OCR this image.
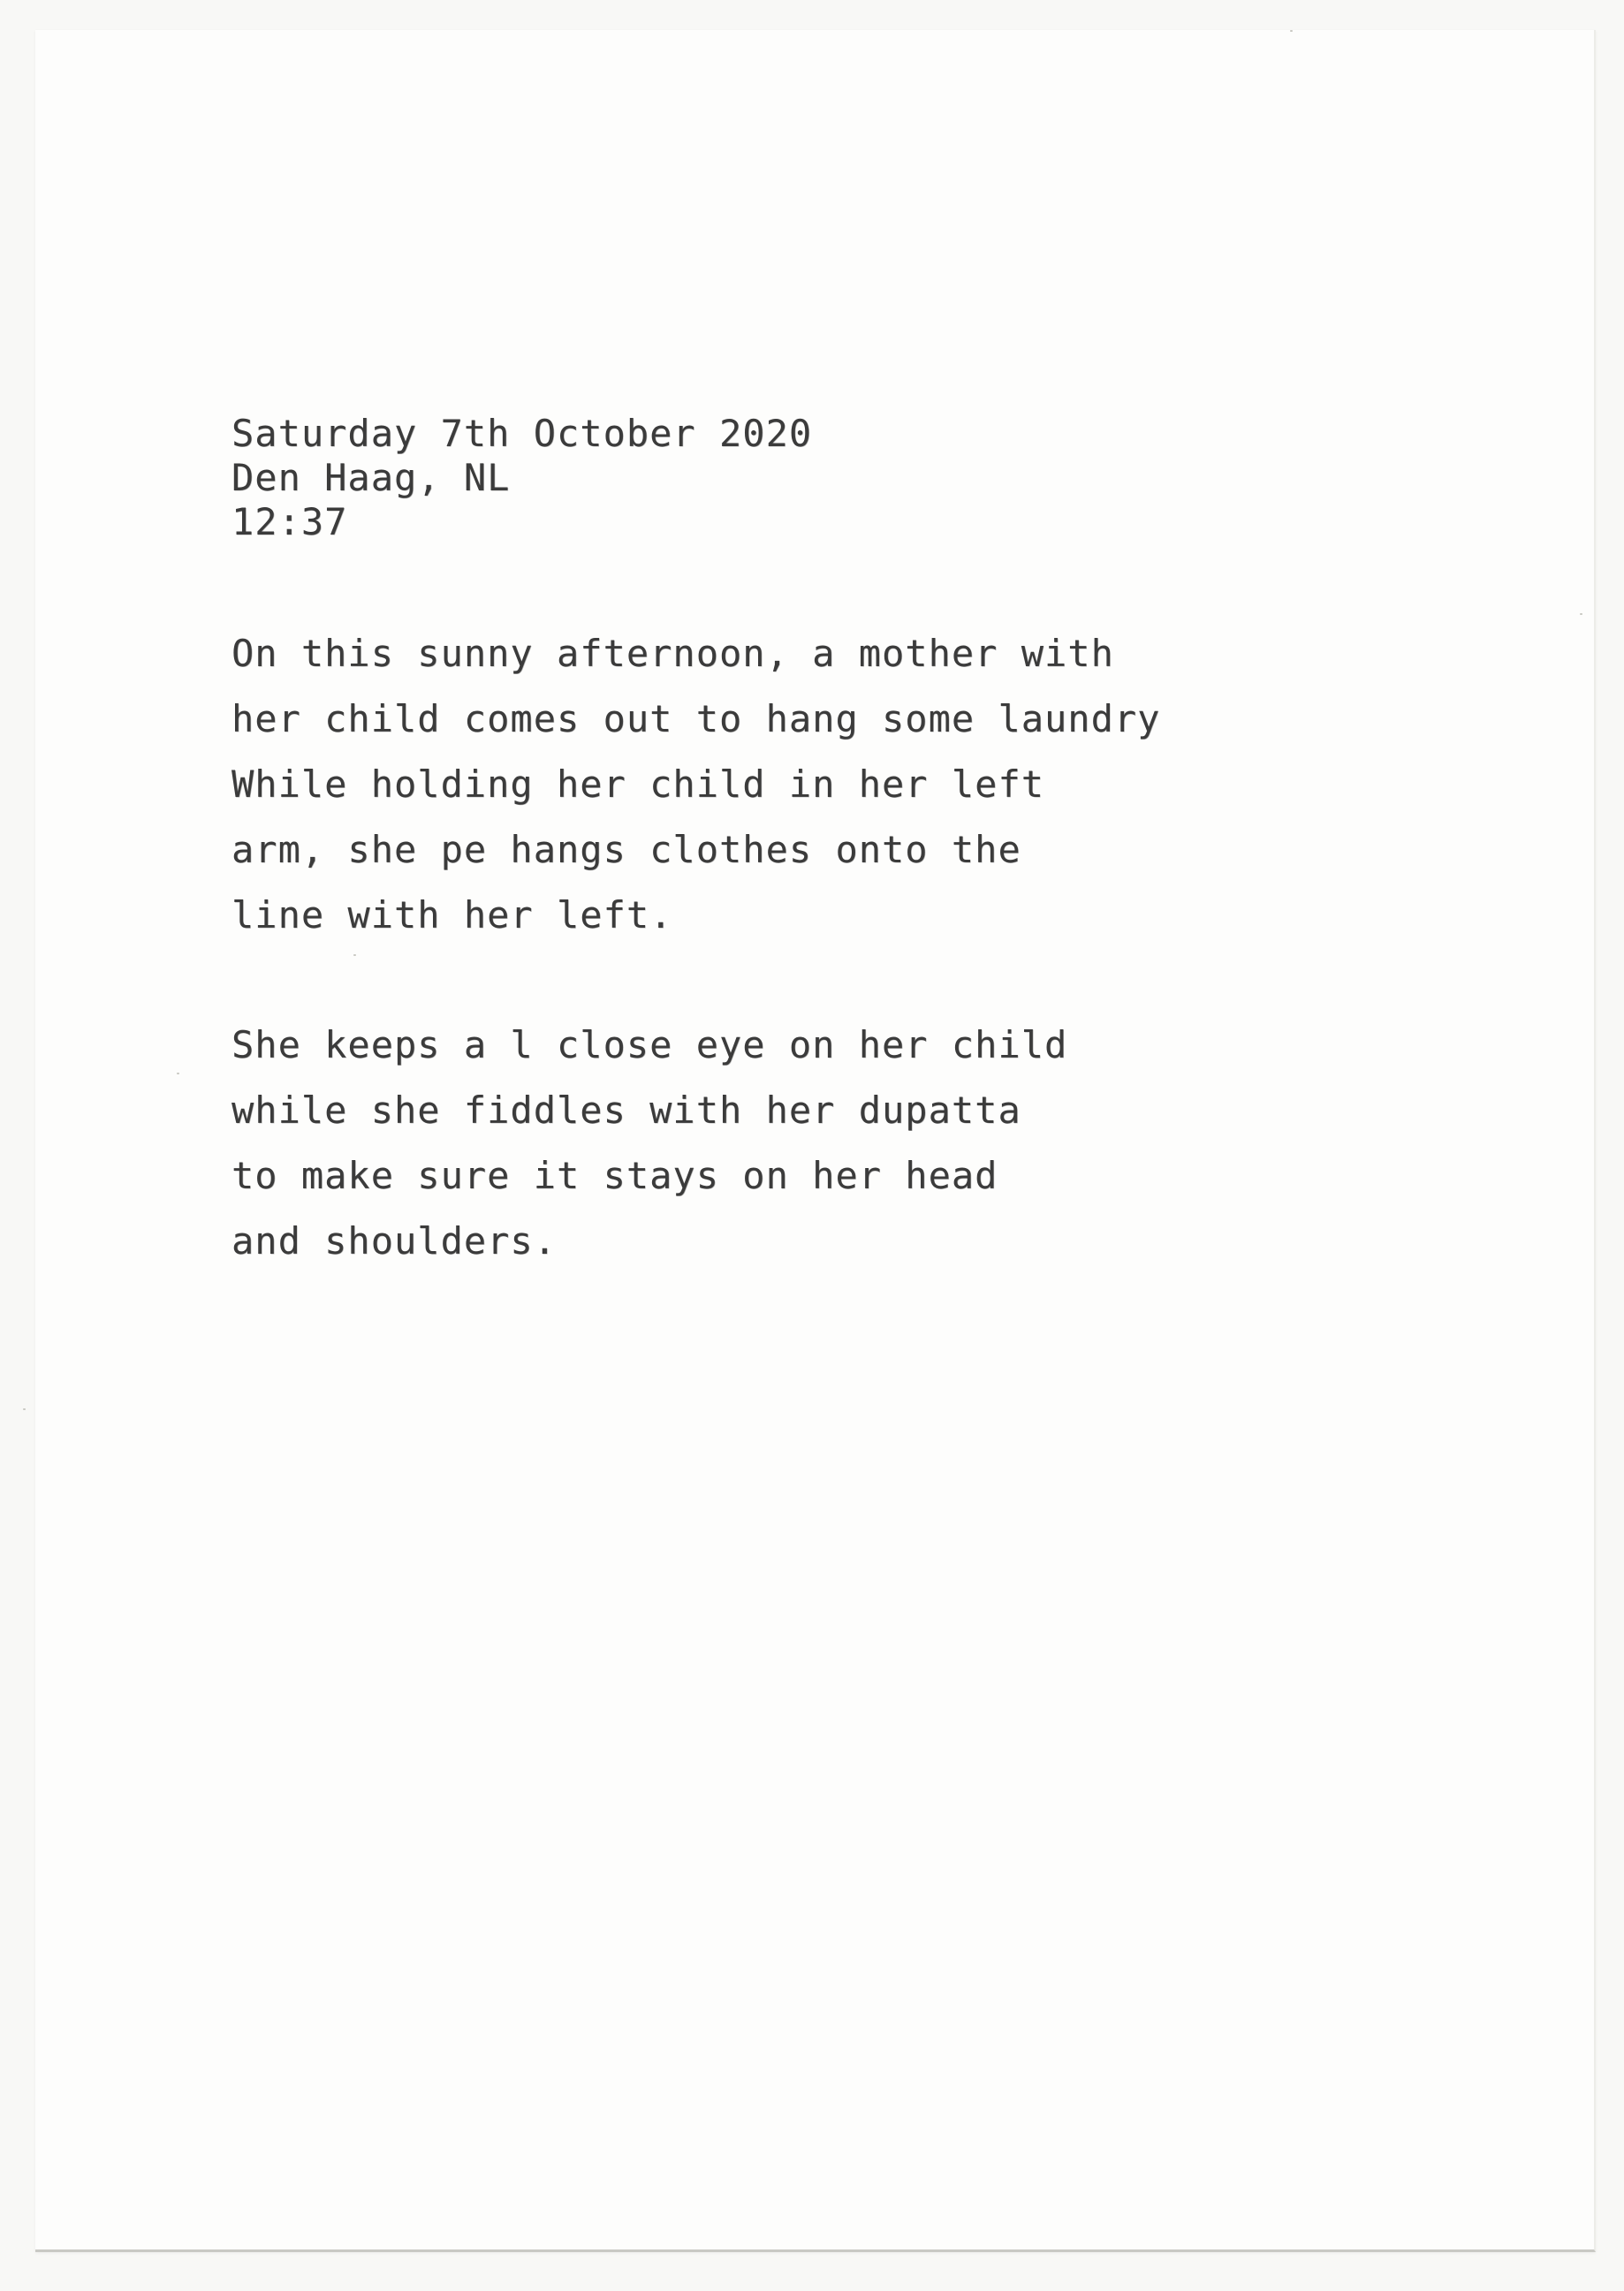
Saturday 7th October 2020
Den Haag, NL
12:37
On this sunny afternoon, a mother with
her child comes out to hang some laundry
While holding her child in her left
arm, she pe hangs clothes onto the
line with her left.
She keeps a l close eye on her child
while she fiddles with her dupatta
to make sure it stays on her head
and shoulders.
